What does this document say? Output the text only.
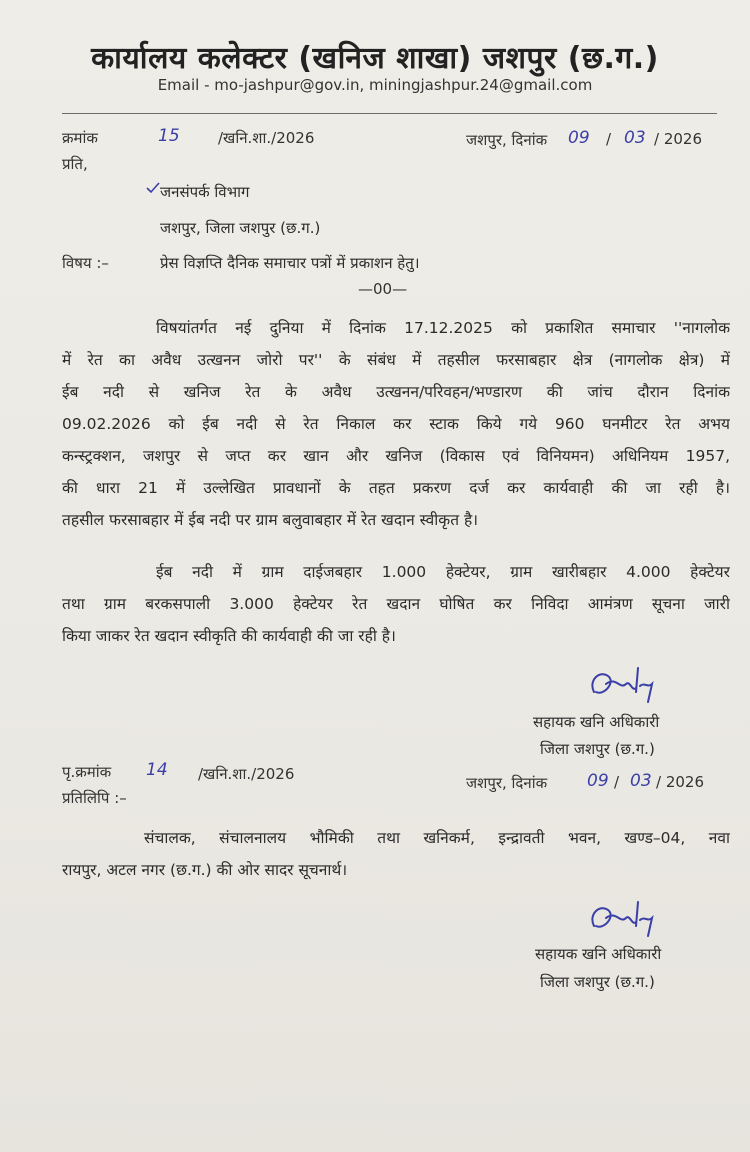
कार्यालय कलेक्टर (खनिज शाखा) जशपुर (छ.ग.)
Email - mo-jashpur@gov.in, miningjashpur.24@gmail.com
क्रमांक	15	/खनि.शा./2026	जशपुर, दिनांक 09 / 03 / 2026
प्रति,
जनसंपर्क विभाग
जशपुर, जिला जशपुर (छ.ग.)
विषय :–	प्रेस विज्ञप्ति दैनिक समाचार पत्रों में प्रकाशन हेतु।
—00—
विषयांतर्गत नई दुनिया में दिनांक 17.12.2025 को प्रकाशित समाचार ''नागलोक
में रेत का अवैध उत्खनन जोरो पर'' के संबंध में तहसील फरसाबहार क्षेत्र (नागलोक क्षेत्र) में
ईब नदी से खनिज रेत के अवैध उत्खनन/परिवहन/भण्डारण की जांच दौरान दिनांक
09.02.2026 को ईब नदी से रेत निकाल कर स्टाक किये गये 960 घनमीटर रेत अभय
कन्स्ट्रक्शन, जशपुर से जप्त कर खान और खनिज (विकास एवं विनियमन) अधिनियम 1957,
की धारा 21 में उल्लेखित प्रावधानों के तहत प्रकरण दर्ज कर कार्यवाही की जा रही है।
तहसील फरसाबहार में ईब नदी पर ग्राम बलुवाबहार में रेत खदान स्वीकृत है।
ईब नदी में ग्राम दाईजबहार 1.000 हेक्टेयर, ग्राम खारीबहार 4.000 हेक्टेयर
तथा ग्राम बरकसपाली 3.000 हेक्टेयर रेत खदान घोषित कर निविदा आमंत्रण सूचना जारी
किया जाकर रेत खदान स्वीकृति की कार्यवाही की जा रही है।
सहायक खनि अधिकारी
जिला जशपुर (छ.ग.)
पृ.क्रमांक 14 /खनि.शा./2026	जशपुर, दिनांक 09 / 03 / 2026
प्रतिलिपि :–
संचालक, संचालनालय भौमिकी तथा खनिकर्म, इन्द्रावती भवन, खण्ड–04, नवा
रायपुर, अटल नगर (छ.ग.) की ओर सादर सूचनार्थ।
सहायक खनि अधिकारी
जिला जशपुर (छ.ग.)
